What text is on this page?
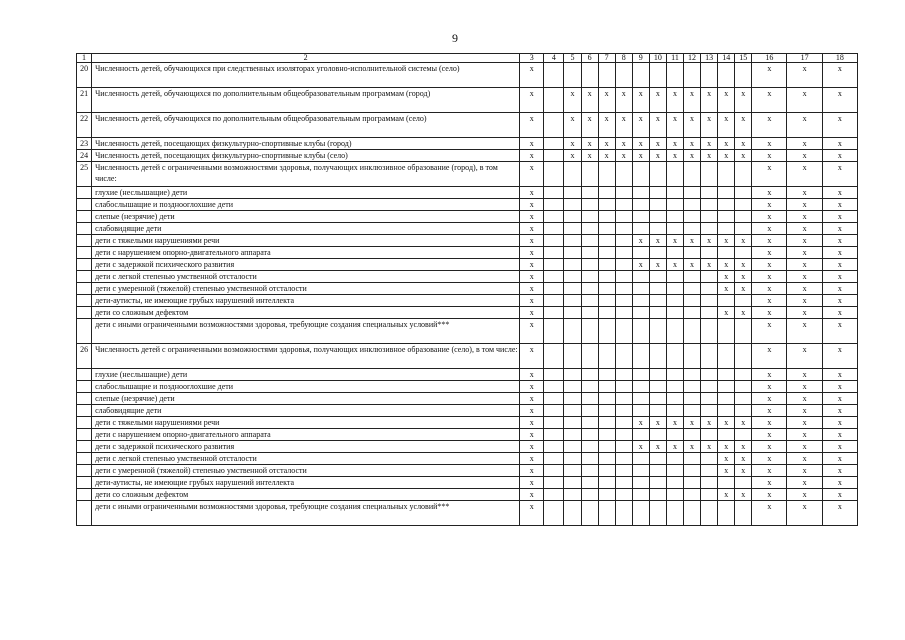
9
1	2	3	4	5	6	7	8	9	10	11	12	13	14	15	16	17	18
20	Численность детей, обучающихся при следственных изоляторах уголовно-исполнительной системы (село)	x													x	x	x
21	Численность детей, обучающихся по дополнительным общеобразовательным программам (город)	x		x	x	x	x	x	x	x	x	x	x	x	x	x	x
22	Численность детей, обучающихся по дополнительным общеобразовательным программам (село)	x		x	x	x	x	x	x	x	x	x	x	x	x	x	x
23	Численность детей, посещающих физкультурно-спортивные клубы (город)	x		x	x	x	x	x	x	x	x	x	x	x	x	x	x
24	Численность детей, посещающих физкультурно-спортивные клубы (село)	x		x	x	x	x	x	x	x	x	x	x	x	x	x	x
25	Численность детей с ограниченными возможностями здоровья, получающих инклюзивное образование (город), в том числе:	x													x	x	x
	глухие (неслышащие) дети	x													x	x	x
	слабослышащие и позднооглохшие дети	x													x	x	x
	слепые (незрячие) дети	x													x	x	x
	слабовидящие дети	x													x	x	x
	дети с тяжелыми нарушениями речи	x						x	x	x	x	x	x	x	x	x	x
	дети с нарушением опорно-двигательного аппарата	x													x	x	x
	дети с задержкой психического развития	x						x	x	x	x	x	x	x	x	x	x
	дети с легкой степенью умственной отсталости	x											x	x	x	x	x
	дети с умеренной (тяжелой) степенью умственной отсталости	x											x	x	x	x	x
	дети-аутисты, не имеющие грубых нарушений интеллекта	x													x	x	x
	дети со сложным дефектом	x											x	x	x	x	x
	дети с иными ограниченными возможностями здоровья, требующие создания специальных условий***	x													x	x	x
26	Численность детей с ограниченными возможностями здоровья, получающих инклюзивное образование (село), в том числе:	x													x	x	x
	глухие (неслышащие) дети	x													x	x	x
	слабослышащие и позднооглохшие дети	x													x	x	x
	слепые (незрячие) дети	x													x	x	x
	слабовидящие дети	x													x	x	x
	дети с тяжелыми нарушениями речи	x						x	x	x	x	x	x	x	x	x	x
	дети с нарушением опорно-двигательного аппарата	x													x	x	x
	дети с задержкой психического развития	x						x	x	x	x	x	x	x	x	x	x
	дети с легкой степенью умственной отсталости	x											x	x	x	x	x
	дети с умеренной (тяжелой) степенью умственной отсталости	x											x	x	x	x	x
	дети-аутисты, не имеющие грубых нарушений интеллекта	x													x	x	x
	дети со сложным дефектом	x											x	x	x	x	x
	дети с иными ограниченными возможностями здоровья, требующие создания специальных условий***	x													x	x	x
